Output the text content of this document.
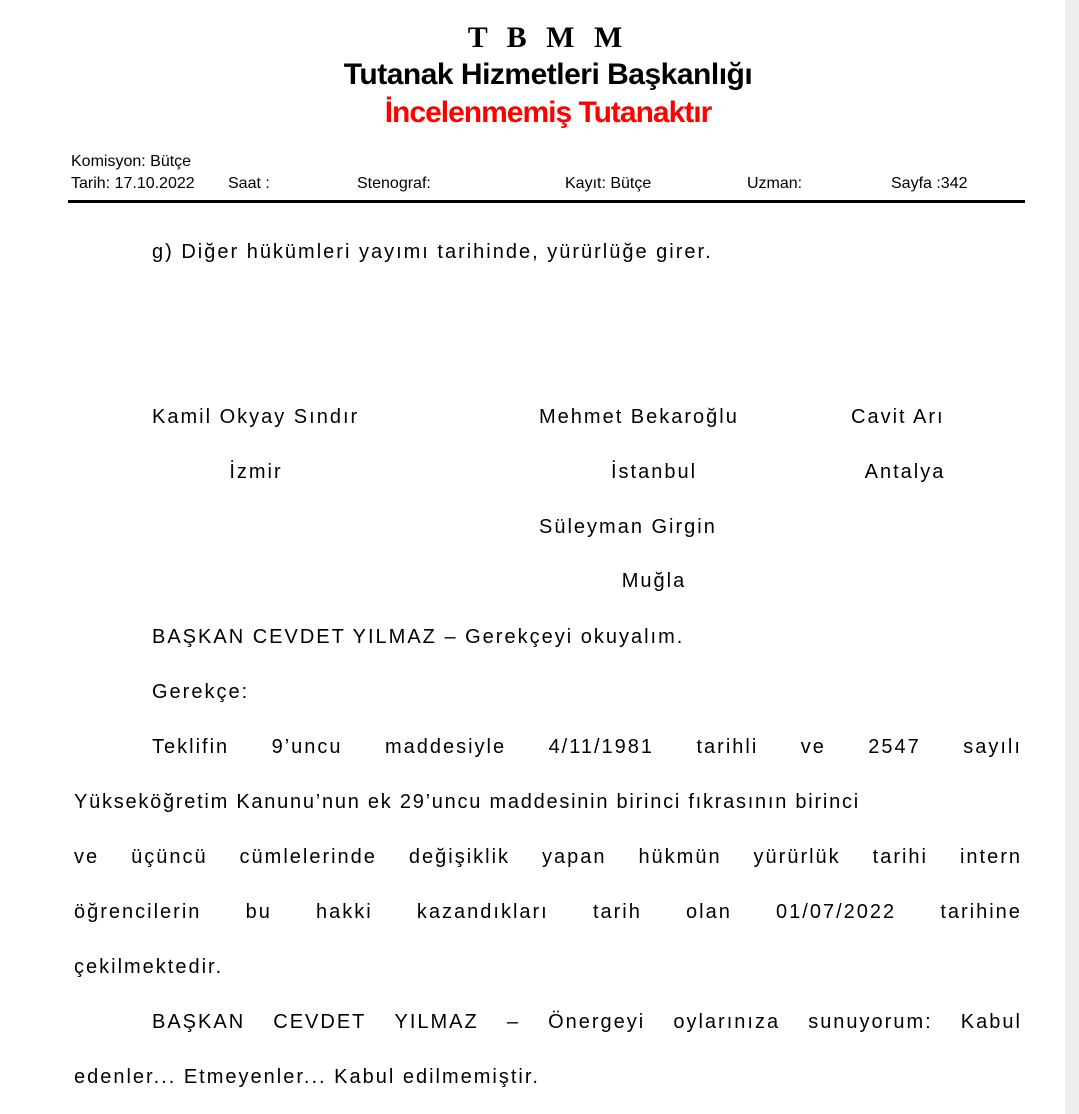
T B M M
Tutanak Hizmetleri Başkanlığı
İncelenmemiş Tutanaktır
Komisyon: Bütçe
Tarih: 17.10.2022 Saat :	Stenograf:	Kayıt: Bütçe	Uzman:	Sayfa :342
g) Diğer hükümleri yayımı tarihinde, yürürlüğe girer.
Kamil Okyay Sındır
İzmir
Mehmet Bekaroğlu
İstanbul
Cavit Arı
Antalya
Süleyman Girgin
Muğla
BAŞKAN CEVDET YILMAZ – Gerekçeyi okuyalım.
Gerekçe:
Teklifin 9’uncu maddesiyle 4/11/1981 tarihli ve 2547 sayılı
Yükseköğretim Kanunu’nun ek 29’uncu maddesinin birinci fıkrasının birinci
ve üçüncü cümlelerinde değişiklik yapan hükmün yürürlük tarihi intern
öğrencilerin bu hakki kazandıkları tarih olan 01/07/2022 tarihine
çekilmektedir.
BAŞKAN CEVDET YILMAZ – Önergeyi oylarınıza sunuyorum: Kabul
edenler... Etmeyenler... Kabul edilmemiştir.
